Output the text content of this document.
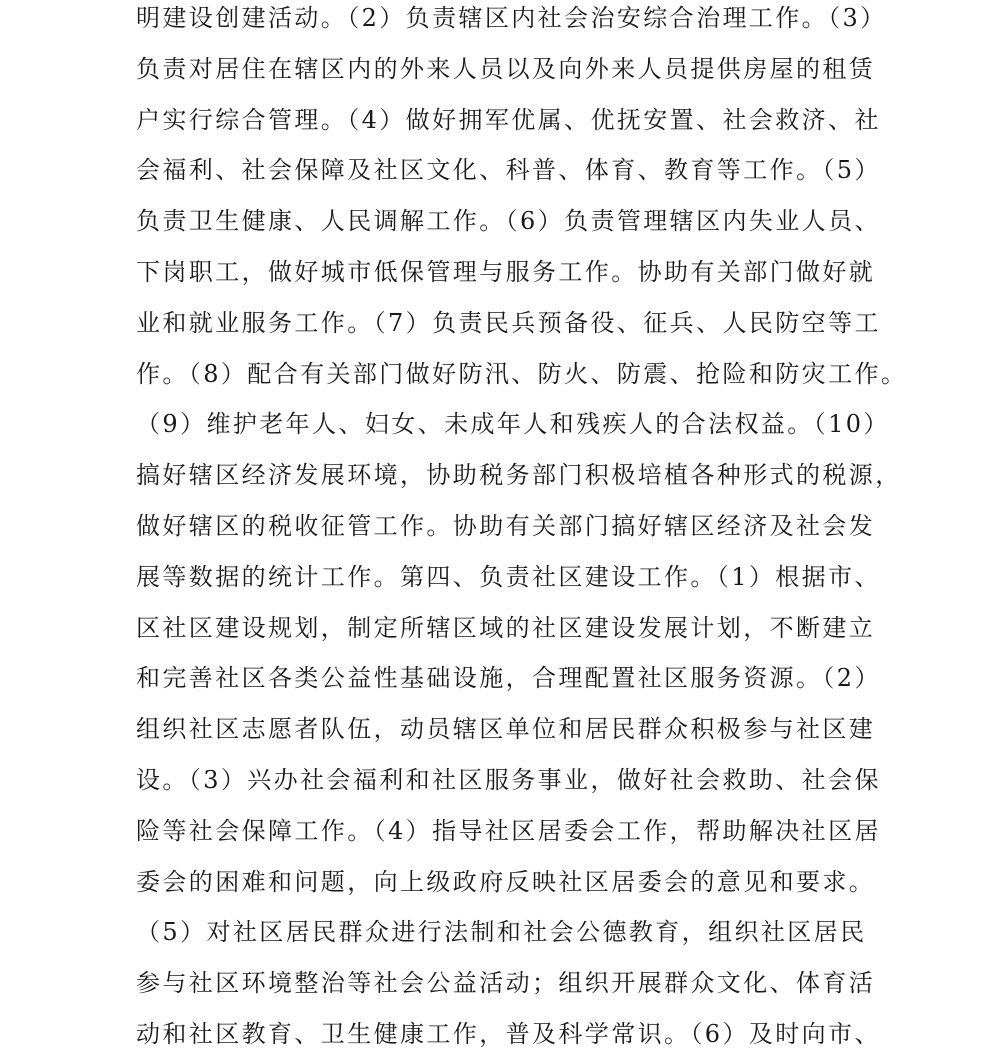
明建设创建活动。（2）负责辖区内社会治安综合治理工作。（3）
负责对居住在辖区内的外来人员以及向外来人员提供房屋的租赁
户实行综合管理。（4）做好拥军优属、优抚安置、社会救济、社
会福利、社会保障及社区文化、科普、体育、教育等工作。（5）
负责卫生健康、人民调解工作。（6）负责管理辖区内失业人员、
下岗职工，做好城市低保管理与服务工作。协助有关部门做好就
业和就业服务工作。（7）负责民兵预备役、征兵、人民防空等工
作。（8）配合有关部门做好防汛、防火、防震、抢险和防灾工作。
（9）维护老年人、妇女、未成年人和残疾人的合法权益。（10）
搞好辖区经济发展环境，协助税务部门积极培植各种形式的税源，
做好辖区的税收征管工作。协助有关部门搞好辖区经济及社会发
展等数据的统计工作。第四、负责社区建设工作。（1）根据市、
区社区建设规划，制定所辖区域的社区建设发展计划，不断建立
和完善社区各类公益性基础设施，合理配置社区服务资源。（2）
组织社区志愿者队伍，动员辖区单位和居民群众积极参与社区建
设。（3）兴办社会福利和社区服务事业，做好社会救助、社会保
险等社会保障工作。（4）指导社区居委会工作，帮助解决社区居
委会的困难和问题，向上级政府反映社区居委会的意见和要求。
（5）对社区居民群众进行法制和社会公德教育，组织社区居民
参与社区环境整治等社会公益活动；组织开展群众文化、体育活
动和社区教育、卫生健康工作，普及科学常识。（6）及时向市、
